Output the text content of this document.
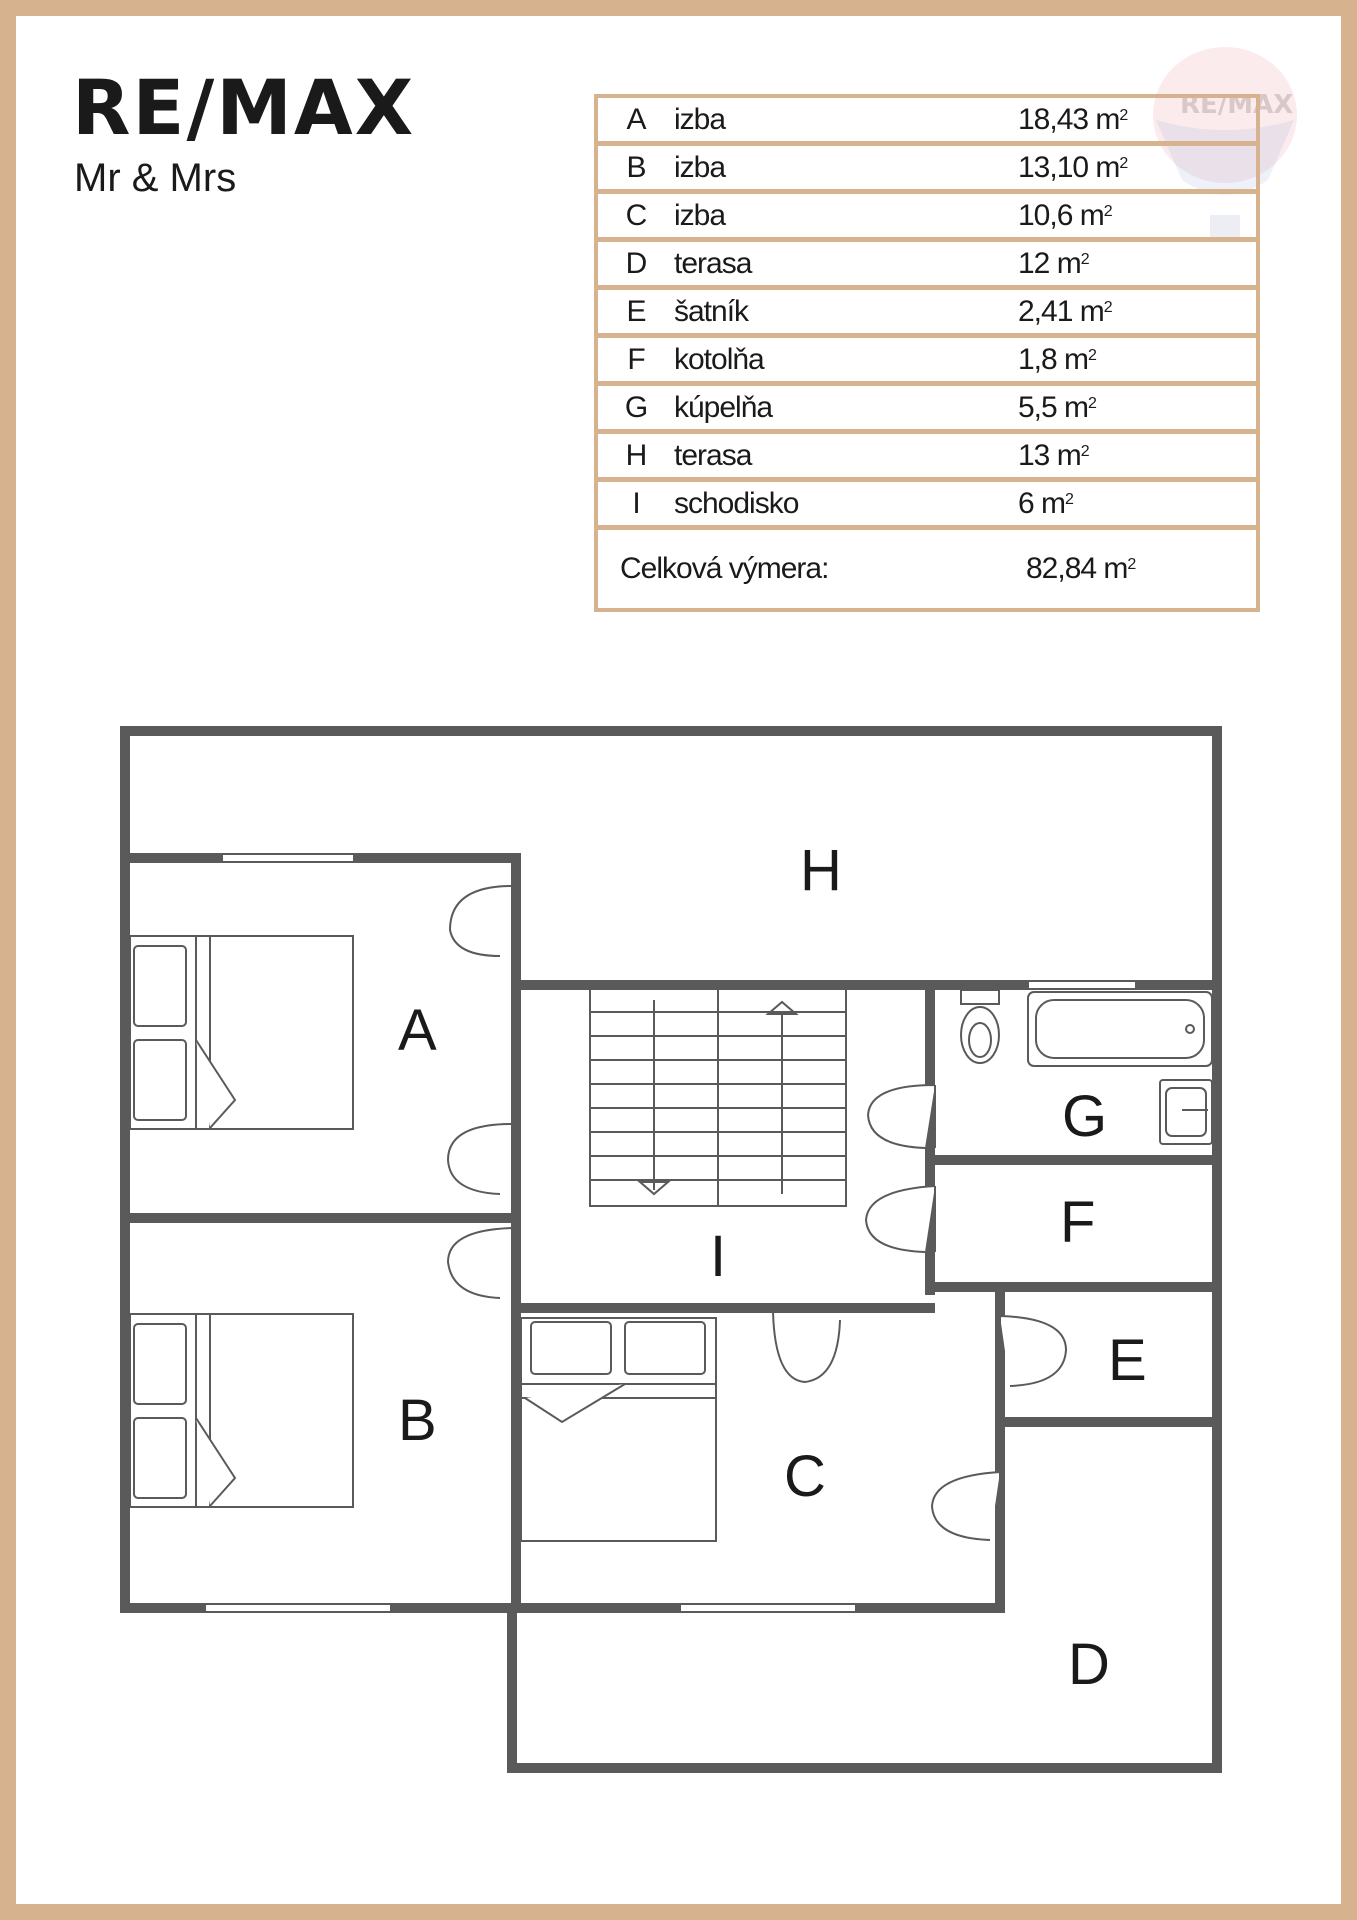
RE/MAX
Mr & Mrs
RE/MAX
A izba	18,43 $m^2$
B izba	13,10 $m^2$
C izba	10,6 $m^2$
D terasa	12 $m^2$
E šatník	2,41 $m^2$
F kotolňa	1,8 $m^2$
G kúpelňa	5,5 $m^2$
H terasa	13 $m^2$
I	schodisko	6 $m^2$
Celková výmera:	82,84 $m^2$
A
B
C
D
E
F
G
H
I
